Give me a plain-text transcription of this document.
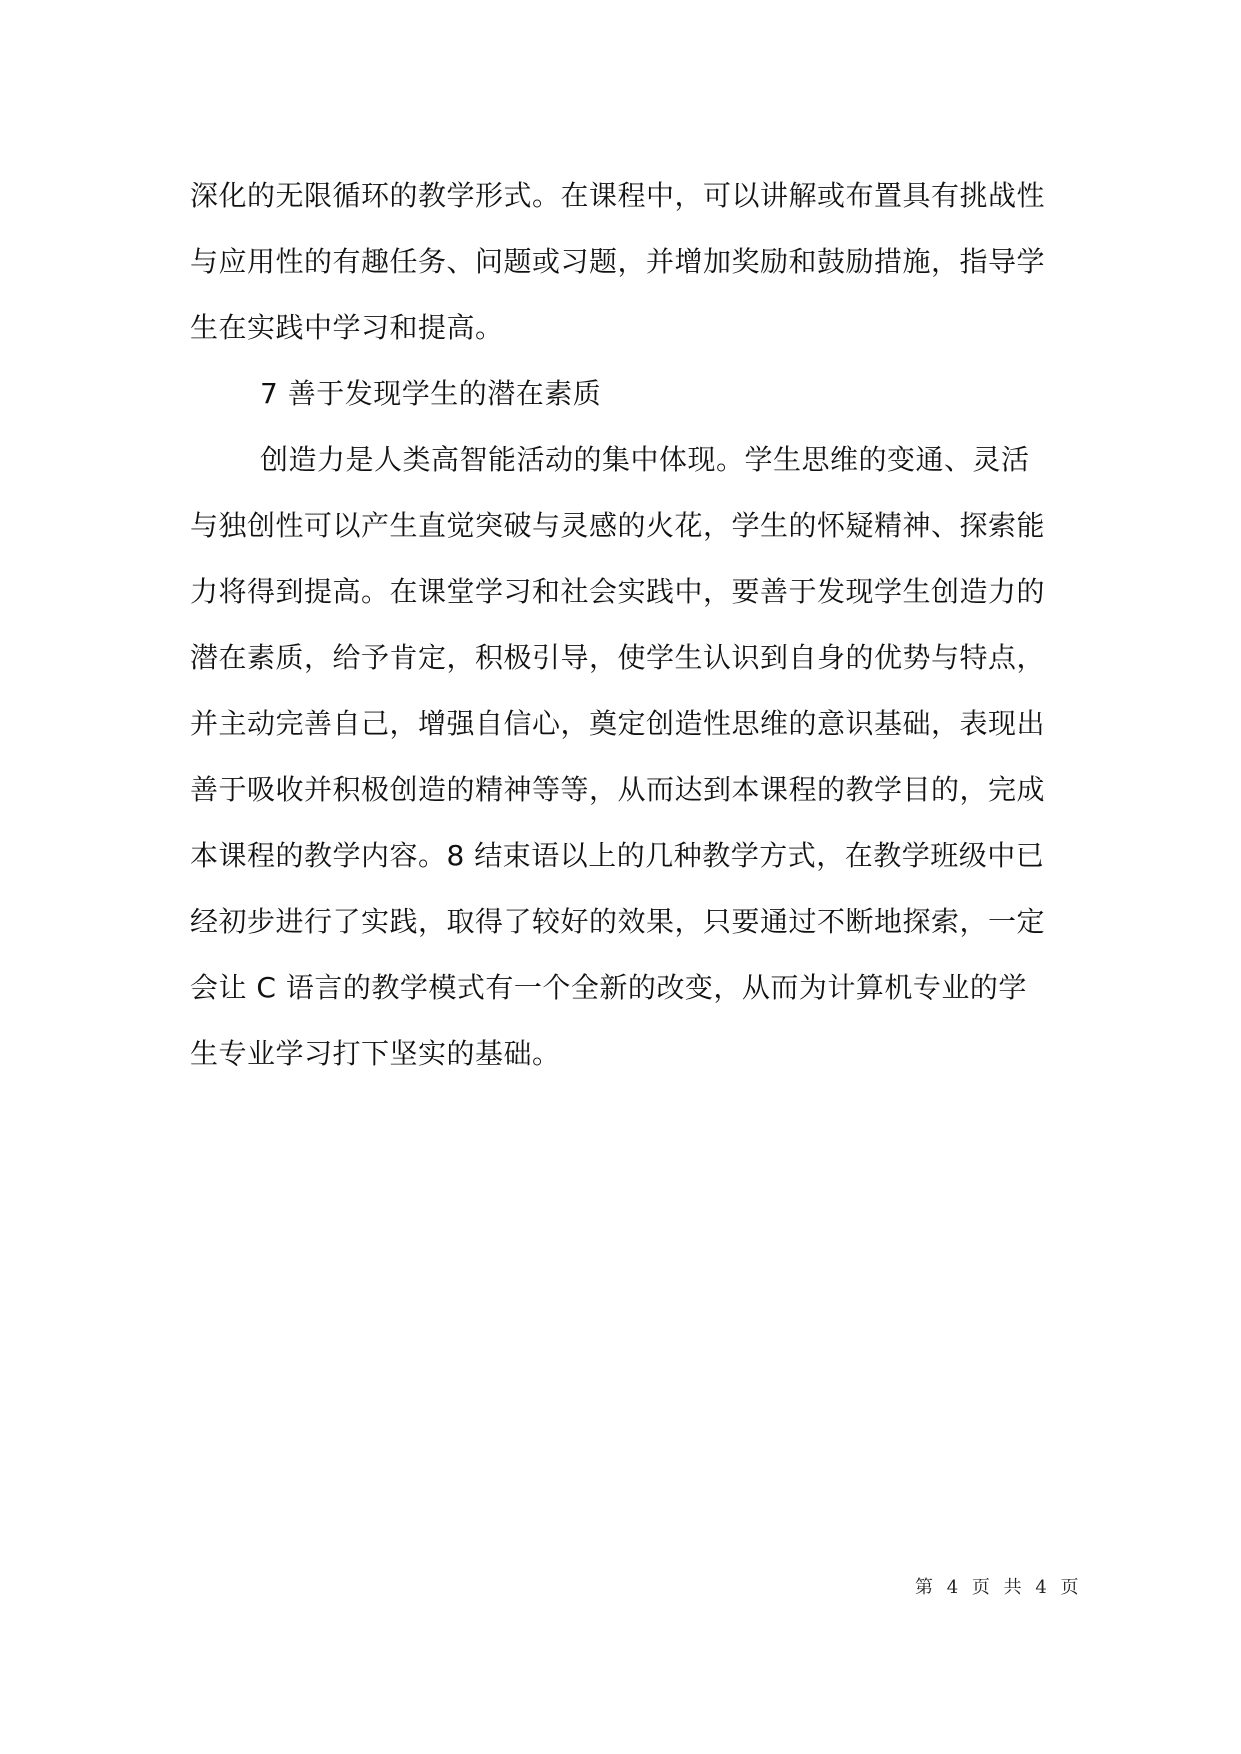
深化的无限循环的教学形式。在课程中，可以讲解或布置具有挑战性
与应用性的有趣任务、问题或习题，并增加奖励和鼓励措施，指导学
生在实践中学习和提高。
7 善于发现学生的潜在素质
创造力是人类高智能活动的集中体现。学生思维的变通、灵活
与独创性可以产生直觉突破与灵感的火花，学生的怀疑精神、探索能
力将得到提高。在课堂学习和社会实践中，要善于发现学生创造力的
潜在素质，给予肯定，积极引导，使学生认识到自身的优势与特点，
并主动完善自己，增强自信心，奠定创造性思维的意识基础，表现出
善于吸收并积极创造的精神等等，从而达到本课程的教学目的，完成
本课程的教学内容。8 结束语以上的几种教学方式，在教学班级中已
经初步进行了实践，取得了较好的效果，只要通过不断地探索，一定
会让 C 语言的教学模式有一个全新的改变，从而为计算机专业的学
生专业学习打下坚实的基础。
第 4 页 共 4 页
